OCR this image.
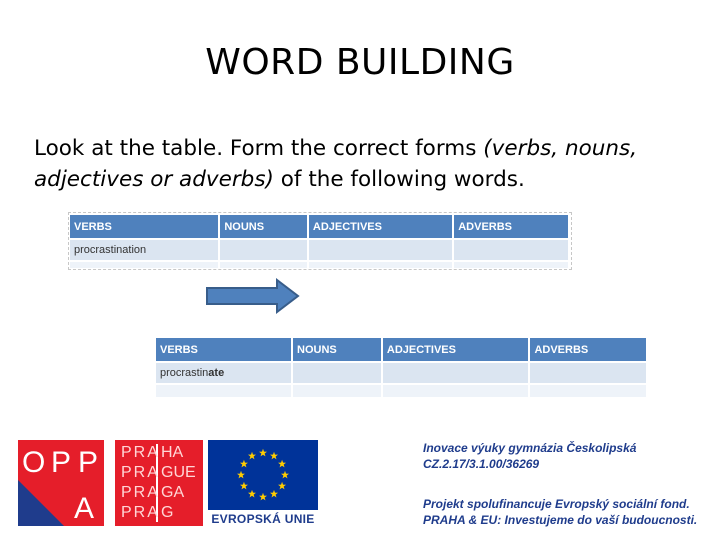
WORD BUILDING
Look at the table. Form the correct forms (verbs, nouns, adjectives or adverbs) of the following words.
VERBS	NOUNS	ADJECTIVES	ADVERBS
procrastination			

VERBS	NOUNS	ADJECTIVES	ADVERBS
procrastinate			

O P P
A
PRA
PRA
PRA
PRA
HA
GUE
GA
G	EVROPSKÁ UNIE
Inovace výuky gymnázia Českolipská
CZ.2.17/3.1.00/36269
Projekt spolufinancuje Evropský sociální fond.
PRAHA & EU: Investujeme do vaší budoucnosti.
